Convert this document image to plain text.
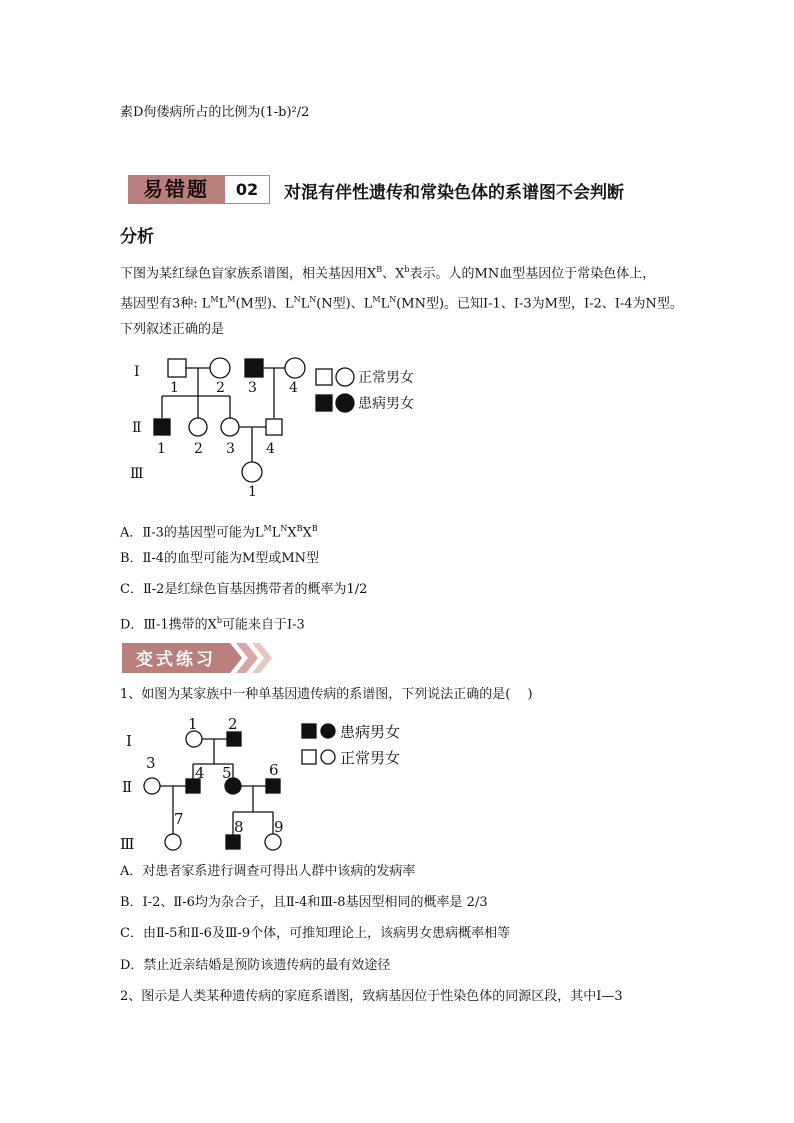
素D佝偻病所占的比例为(1-b)²/2
易错题	02	对混有伴性遗传和常染色体的系谱图不会判断
分析
下图为某红绿色盲家族系谱图，相关基因用$X^B$、$X^b$表示。人的MN血型基因位于常染色体上，
基因型有3种: $L^ML^M(M$型)、$L^NL^N(N$型)、$L^ML^N(MN$型)。已知I-1、I-3为M型，I-2、I-4为N型。
下列叙述正确的是
Ⅰ
Ⅱ
Ⅲ
1	2 3 4
1 2 3 4
1
正常男女
患病男女
A．Ⅱ-3的基因型可能为$L^ML^NX^BX^B$
B．Ⅱ-4的血型可能为M型或MN型
C．Ⅱ-2是红绿色盲基因携带者的概率为1/2
D．Ⅲ-1携带的$X^b$可能来自于I-3
变式练习
1、如图为某家族中一种单基因遗传病的系谱图，下列说法正确的是(　 )
Ⅰ
Ⅱ
Ⅲ
1 2
3
4 5 6
7	8 9
患病男女
正常男女
A．对患者家系进行调查可得出人群中该病的发病率
B．I-2、Ⅱ-6均为杂合子，且Ⅱ-4和Ⅲ-8基因型相同的概率是 2/3
C．由Ⅱ-5和Ⅱ-6及Ⅲ-9个体，可推知理论上，该病男女患病概率相等
D．禁止近亲结婚是预防该遗传病的最有效途径
2、图示是人类某种遗传病的家庭系谱图，致病基因位于性染色体的同源区段，其中Ⅰ—3
